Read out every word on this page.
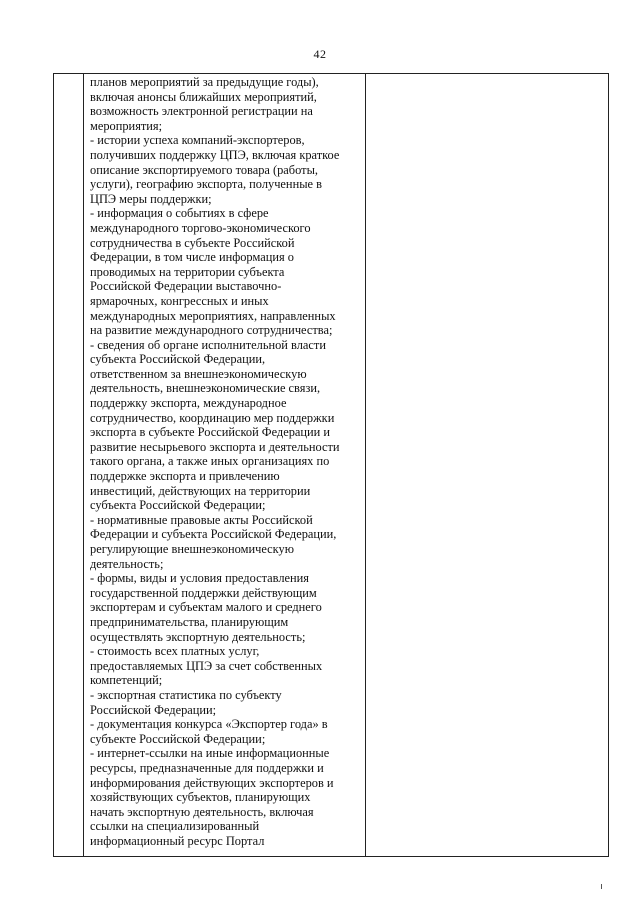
42
планов мероприятий за предыдущие годы),
включая анонсы ближайших мероприятий,
возможность электронной регистрации на
мероприятия;
- истории успеха компаний-экспортеров,
получивших поддержку ЦПЭ, включая краткое
описание экспортируемого товара (работы,
услуги), географию экспорта, полученные в
ЦПЭ меры поддержки;
- информация о событиях в сфере
международного торгово-экономического
сотрудничества в субъекте Российской
Федерации, в том числе информация о
проводимых на территории субъекта
Российской Федерации выставочно-
ярмарочных, конгрессных и иных
международных мероприятиях, направленных
на развитие международного сотрудничества;
- сведения об органе исполнительной власти
субъекта Российской Федерации,
ответственном за внешнеэкономическую
деятельность, внешнеэкономические связи,
поддержку экспорта, международное
сотрудничество, координацию мер поддержки
экспорта в субъекте Российской Федерации и
развитие несырьевого экспорта и деятельности
такого органа, а также иных организациях по
поддержке экспорта и привлечению
инвестиций, действующих на территории
субъекта Российской Федерации;
- нормативные правовые акты Российской
Федерации и субъекта Российской Федерации,
регулирующие внешнеэкономическую
деятельность;
- формы, виды и условия предоставления
государственной поддержки действующим
экспортерам и субъектам малого и среднего
предпринимательства, планирующим
осуществлять экспортную деятельность;
- стоимость всех платных услуг,
предоставляемых ЦПЭ за счет собственных
компетенций;
- экспортная статистика по субъекту
Российской Федерации;
- документация конкурса «Экспортер года» в
субъекте Российской Федерации;
- интернет-ссылки на иные информационные
ресурсы, предназначенные для поддержки и
информирования действующих экспортеров и
хозяйствующих субъектов, планирующих
начать экспортную деятельность, включая
ссылки на специализированный
информационный ресурс Портал
